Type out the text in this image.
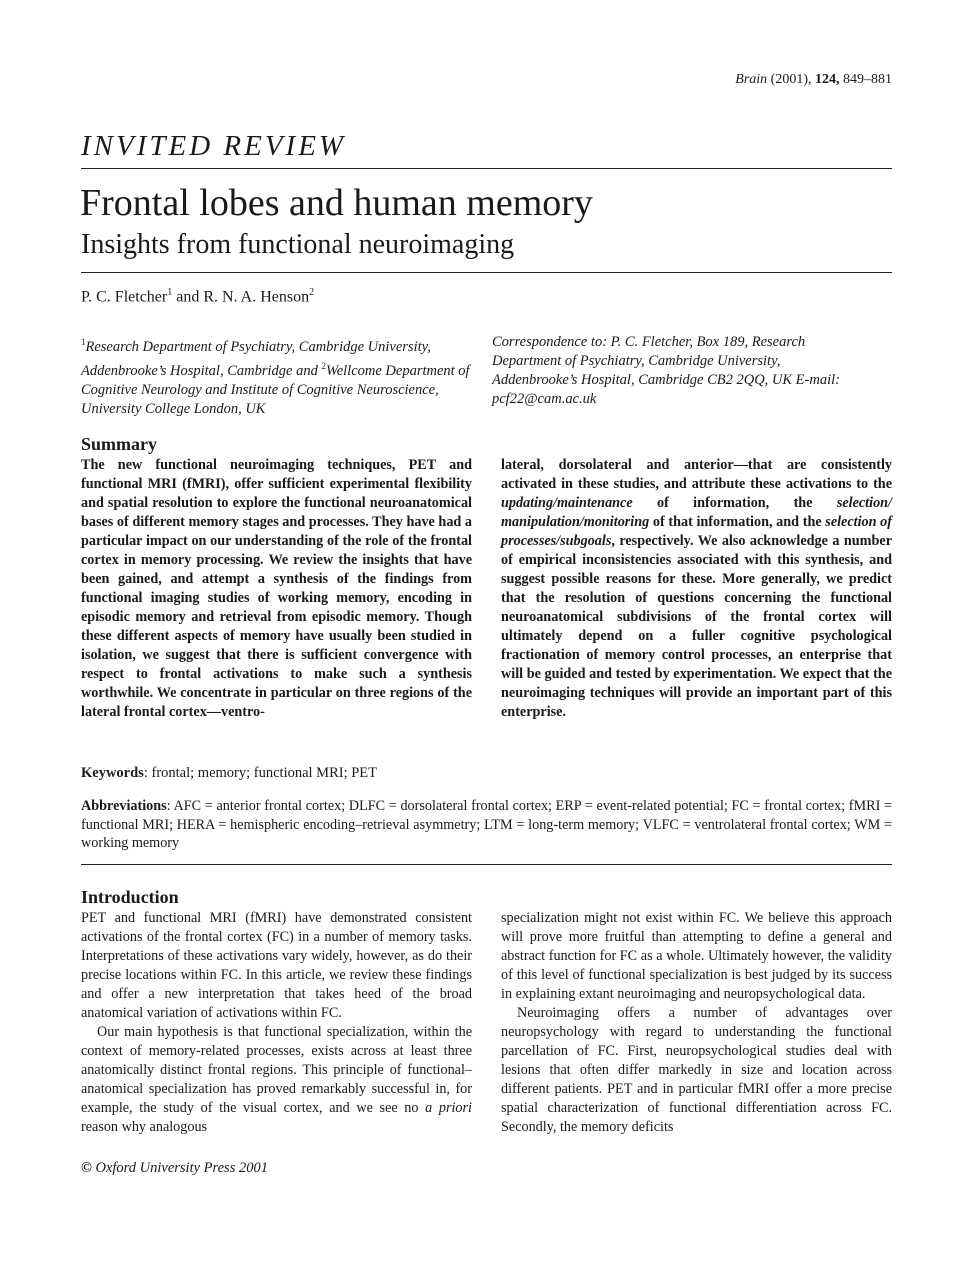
Brain (2001), 124, 849–881
INVITED REVIEW
Frontal lobes and human memory
Insights from functional neuroimaging
P. C. Fletcher$^1$ and R. N. A. Henson$^2$
$^1$Research Department of Psychiatry, Cambridge University, Addenbrooke’s Hospital, Cambridge and $^2$Wellcome Department of Cognitive Neurology and Institute of Cognitive Neuroscience, University College London, UK
Correspondence to: P. C. Fletcher, Box 189, Research Department of Psychiatry, Cambridge University, Addenbrooke’s Hospital, Cambridge CB2 2QQ, UK E-mail: pcf22@cam.ac.uk
Summary

The new functional neuroimaging techniques, PET and functional MRI (fMRI), offer sufficient experimental flexibility and spatial resolution to explore the functional neuroanatomical bases of different memory stages and processes. They have had a particular impact on our understanding of the role of the frontal cortex in memory processing. We review the insights that have been gained, and attempt a synthesis of the findings from functional imaging studies of working memory, encoding in episodic memory and retrieval from episodic memory. Though these different aspects of memory have usually been studied in isolation, we suggest that there is sufficient convergence with respect to frontal activations to make such a synthesis worthwhile. We concentrate in particular on three regions of the lateral frontal cortex—ventro-

lateral, dorsolateral and anterior—that are consistently activated in these studies, and attribute these activations to the updating/maintenance of information, the selection/ manipulation/monitoring of that information, and the selection of processes/subgoals, respectively. We also acknowledge a number of empirical inconsistencies associated with this synthesis, and suggest possible reasons for these. More generally, we predict that the resolution of questions concerning the functional neuroanatomical subdivisions of the frontal cortex will ultimately depend on a fuller cognitive psychological fractionation of memory control processes, an enterprise that will be guided and tested by experimentation. We expect that the neuroimaging techniques will provide an important part of this enterprise.

Keywords: frontal; memory; functional MRI; PET
Abbreviations: AFC = anterior frontal cortex; DLFC = dorsolateral frontal cortex; ERP = event-related potential; FC = frontal cortex; fMRI = functional MRI; HERA = hemispheric encoding–retrieval asymmetry; LTM = long-term memory; VLFC = ventrolateral frontal cortex; WM = working memory
Introduction

PET and functional MRI (fMRI) have demonstrated consistent activations of the frontal cortex (FC) in a number of memory tasks. Interpretations of these activations vary widely, however, as do their precise locations within FC. In this article, we review these findings and offer a new interpretation that takes heed of the broad anatomical variation of activations within FC.

Our main hypothesis is that functional specialization, within the context of memory-related processes, exists across at least three anatomically distinct frontal regions. This principle of functional–anatomical specialization has proved remarkably successful in, for example, the study of the visual cortex, and we see no a priori reason why analogous

specialization might not exist within FC. We believe this approach will prove more fruitful than attempting to define a general and abstract function for FC as a whole. Ultimately however, the validity of this level of functional specialization is best judged by its success in explaining extant neuroimaging and neuropsychological data.

Neuroimaging offers a number of advantages over neuropsychology with regard to understanding the functional parcellation of FC. First, neuropsychological studies deal with lesions that often differ markedly in size and location across different patients. PET and in particular fMRI offer a more precise spatial characterization of functional differentiation across FC. Secondly, the memory deficits

© Oxford University Press 2001
